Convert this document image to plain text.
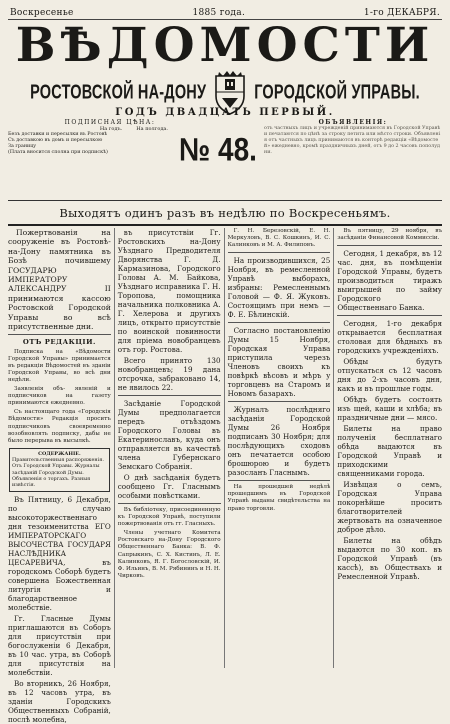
Воскресенье	1885 года.	1-го ДЕКАБРЯ.
ВѢДОМОСТИ
РОСТОВСКОЙ НА-ДОНУ	ГОРОДСКОЙ УПРАВЫ.
ГОДЪ ДВАДЦАТЬ ПЕРВЫЙ.
ПОДПИСНАЯ ЦѢНА:
На годъ.	На полгода.
Безъ доставки и пересылки въ Ростовѣ
Съ доставкою въ домъ и пересылкою
За границу
(Плата вносится сполна при подпискѣ)	№ 48.
ОБЪЯВЛЕНІЯ:
отъ частныхъ лицъ и учрежденій принимаются въ Городской Управѣ и печатаются по цѣнѣ за строку петита или мѣсто строки. Объявленія отъ частныхъ лицъ принимаются въ конторѣ редакціи «Вѣдомостей» ежедневно, кромѣ праздничныхъ дней, отъ 9 до 2 часовъ пополудни.
Выходятъ одинъ разъ въ недѣлю по Воскресеньямъ.

Пожертвованія на сооруженіе въ Ростовѣ-на-Дону памятника въ Бозѣ почившему ГОСУДАРЮ ИМПЕРАТОРУ АЛЕКСАНДРУ II принимаются кассою Ростовской Городской Управы во всѣ присутственные дни.

ОТЪ РЕДАКЦІИ.

Подписка на «Вѣдомости Городской Управы» принимается въ редакціи Вѣдомостей въ зданіи Городской Управы, во всѣ дни недѣли.

Заявленія объ- явленій и подписчиков на газету принимаются ежедневно.

Съ настоящаго года «Городскія Вѣдомости» Редакція проситъ подписчиковъ своевременно возобновлять подписку, дабы не было перерыва въ высылкѣ.

СОДЕРЖАНІЕ.
Правительственныя распоряженія. Отъ Городской Управы. Журналы засѣданій Городской Думы. Объявленія о торгахъ. Разныя извѣстія.

Въ Пятницу, 6 Декабря, по случаю высокоторжественнаго дня тезоименитства ЕГО ИМПЕРАТОРСКАГО ВЫСОЧЕСТВА ГОСУДАРЯ НАСЛѢДНИКА ЦЕСАРЕВИЧА, въ городскомъ Соборѣ будетъ совершена Божественная литургія и благодарственное молебствіе.

Гг. Гласные Думы приглашаются въ Соборъ для присутствія при богослуженіи 6 Декабря, въ 10 час. утра, въ Соборѣ для присутствія на молебствіи.

Во вторникъ, 26 Ноября, въ 12 часовъ утра, въ зданіи Городскихъ Общественныхъ Собраній, послѣ молебна,

въ присутствіи Гг. Ростовскихъ на-Дону Уѣзднаго Предводителя Дворянства Г. Д. Кармазинова, Городского Головы А. М. Байкова, Уѣзднаго исправника Г. Н. Торопова, помощника начальника полковника А. Г. Хелерова и другихъ лицъ, открыто присутствіе по воинской повинности для пріема новобранцевъ отъ гор. Ростова.

Всего принято 130 новобранцевъ; 19 дана отсрочка, забраковано 14, не явилось 22.

Засѣданіе Городской Думы предполагается передъ отъѣздомъ Городского Головы въ Екатеринославъ, куда онъ отправляется въ качествѣ члена Губернскаго Земскаго Собранія.

О днѣ засѣданія будетъ сообщено Гг. Гласнымъ особыми повѣстками.

Въ библіотеку, присоединенную къ Городской Управѣ, поступили пожертвованія отъ гг. Гласныхъ.

Члены учетнаго Комитета Ростовскаго на-Дону Городского Общественнаго Банка: В. Ф. Сапрыкинъ, С. Х. Кистинъ, Л. Е. Калинковъ, Я. Г. Богословскій, И. Ф. Ильинъ, В. М. Рябининъ и Н. Н. Чирковъ.

Г. Н. Березовскій, Е. Н. Меркуловъ, В. С. Кошкинъ, И. С. Калинковъ и М. А. Филиповъ.

На производившихся, 25 Ноября, въ ремесленной Управѣ выборахъ, избраны: Ремесленнымъ Головой — Ф. Я. Жуковъ. Состоящимъ при немъ — Ф. Е. Бѣлинскій.

Согласно постановленію Думы 15 Ноября, Городская Управа приступила черезъ Членовъ своихъ къ повѣркѣ вѣсовъ и мѣръ у торговцевъ на Старомъ и Новомъ базарахъ.

Журналъ послѣдняго засѣданія Городской Думы 26 Ноября подписанъ 30 Ноября; для послѣдующихъ сходовъ онъ печатается особою брошюрою и будетъ разосланъ Гласнымъ.

На прошедшей недѣлѣ прошедшимъ въ Городской Управѣ выданы свидѣтельства на право торговли.

Въ пятницу, 29 ноября, въ засѣданіи Финансовой Коммиссіи.

Сегодня, 1 декабря, въ 12 час. дня, въ помѣщеніи Городской Управы, будетъ производиться тиражъ выигрышей по займу Городского Общественнаго Банка.

Сегодня, 1-го декабря открывается бесплатная столовая для бѣдныхъ въ городскихъ учрежденіяхъ.

Обѣды будутъ отпускаться съ 12 часовъ дня до 2-хъ часовъ дня, какъ и въ прошлые годы.

Обѣдъ будетъ состоять изъ щей, каши и хлѣба; въ праздничные дни — мясо.

Билеты на право полученія бесплатнаго обѣда выдаются въ Городской Управѣ и приходскими священниками города.

Извѣщая о семъ, Городская Управа покорнѣйше проситъ благотворителей жертвовать на означенное доброе дѣло.

Билеты на обѣдъ выдаются по 30 коп. въ Городской Управѣ (въ кассѣ), въ Обществахъ и Ремесленной Управѣ.
